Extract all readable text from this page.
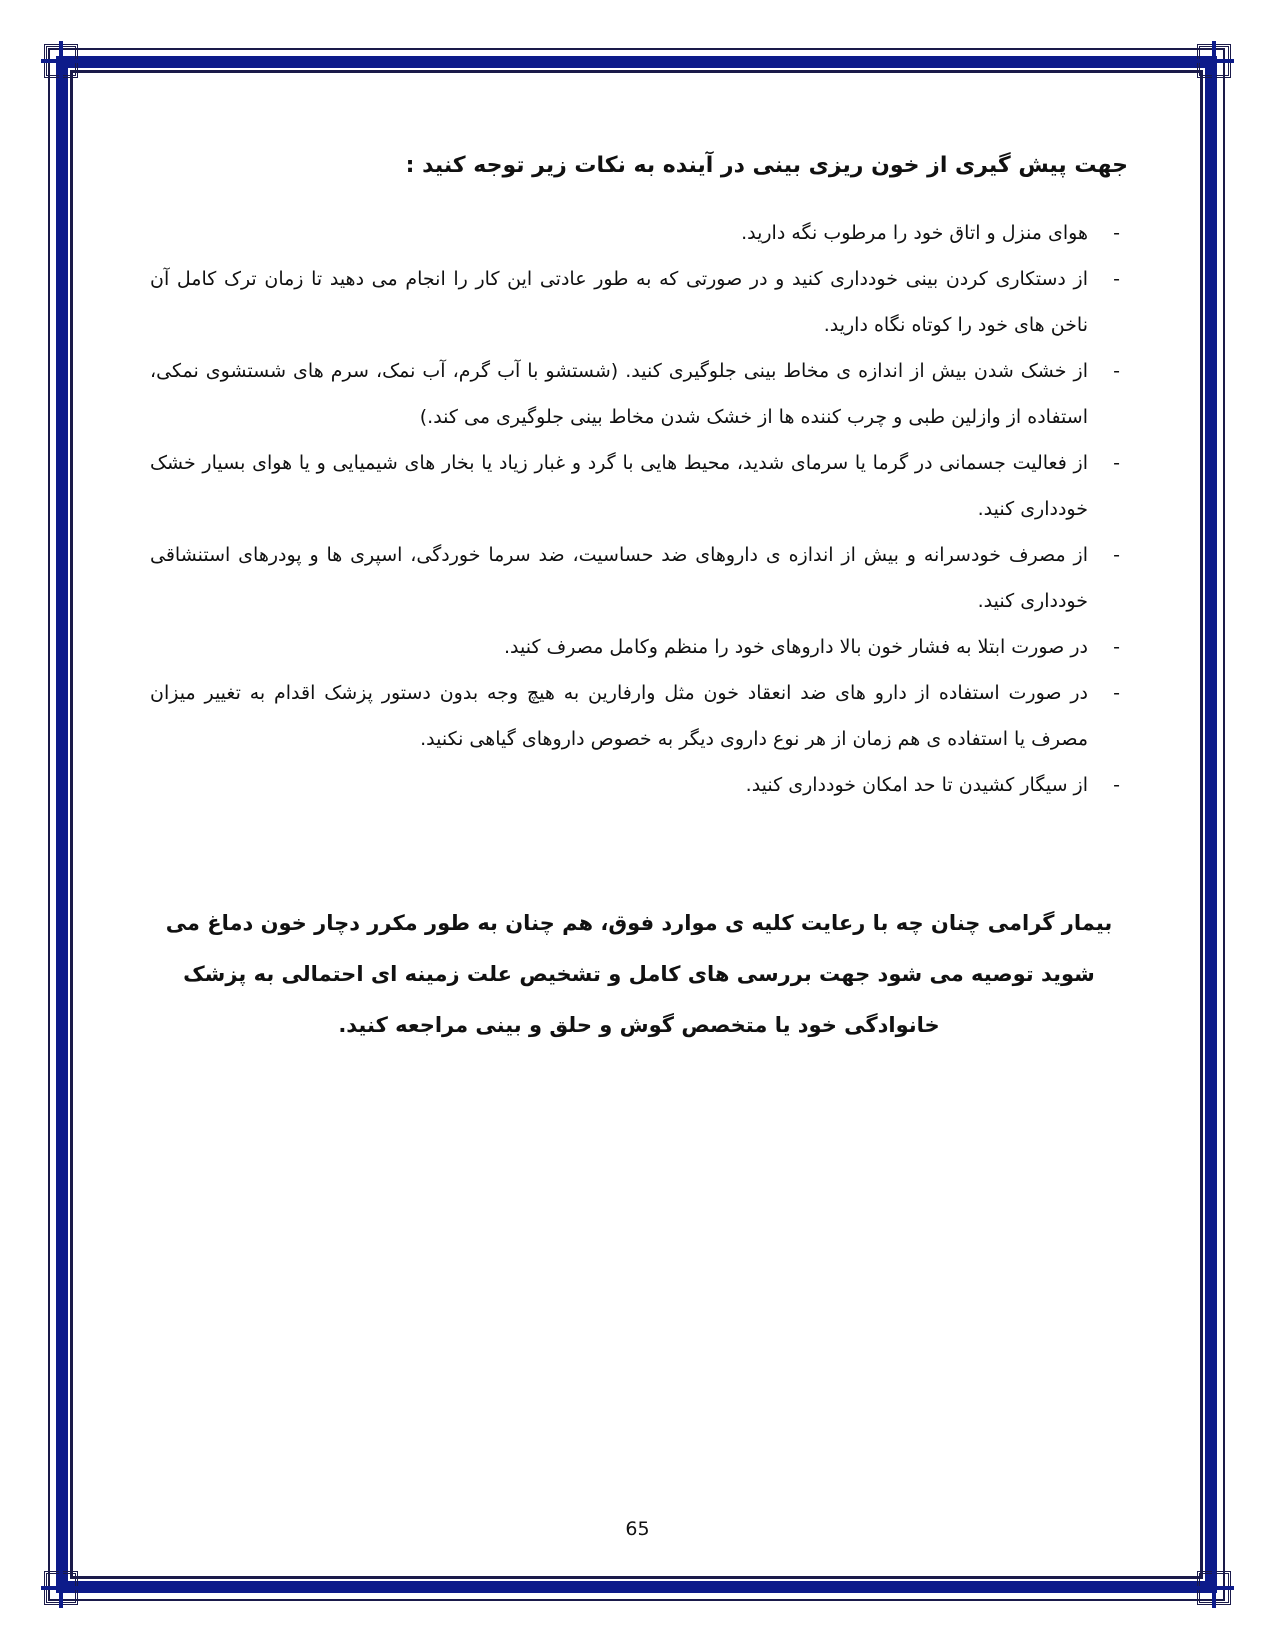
جهت پیش گیری از خون ریزی بینی در آینده به نکات زیر توجه کنید :
-
هوای منزل و اتاق خود را مرطوب نگه دارید.
-
از دستکاری کردن بینی خودداری کنید و در صورتی که به طور عادتی این کار را انجام می دهید تا زمان ترک کامل آن ناخن های خود را کوتاه نگاه دارید.
-
از خشک شدن بیش از اندازه ی مخاط بینی جلوگیری کنید. (شستشو با آب گرم، آب نمک، سرم های شستشوی نمکی، استفاده از وازلین طبی و چرب کننده ها از خشک شدن مخاط بینی جلوگیری می کند.)
-
از فعالیت جسمانی در گرما یا سرمای شدید، محیط هایی با گرد و غبار زیاد یا بخار های شیمیایی و یا هوای بسیار خشک خودداری کنید.
-
از مصرف خودسرانه و بیش از اندازه ی داروهای ضد حساسیت، ضد سرما خوردگی، اسپری ها و پودرهای استنشاقی خودداری کنید.
-
در صورت ابتلا به فشار خون بالا داروهای خود را منظم وکامل مصرف کنید.
-
در صورت استفاده از دارو های ضد انعقاد خون مثل وارفارین به هیچ وجه بدون دستور پزشک اقدام به تغییر میزان مصرف یا استفاده ی هم زمان از هر نوع داروی دیگر به خصوص داروهای گیاهی نکنید.
-
از سیگار کشیدن تا حد امکان خودداری کنید.
بیمار گرامی چنان چه با رعایت کلیه ی موارد فوق، هم چنان به طور مکرر دچار خون دماغ می شوید توصیه می شود جهت بررسی های کامل و تشخیص علت زمینه ای احتمالی به پزشک خانوادگی خود یا متخصص گوش و حلق و بینی مراجعه کنید.
65
